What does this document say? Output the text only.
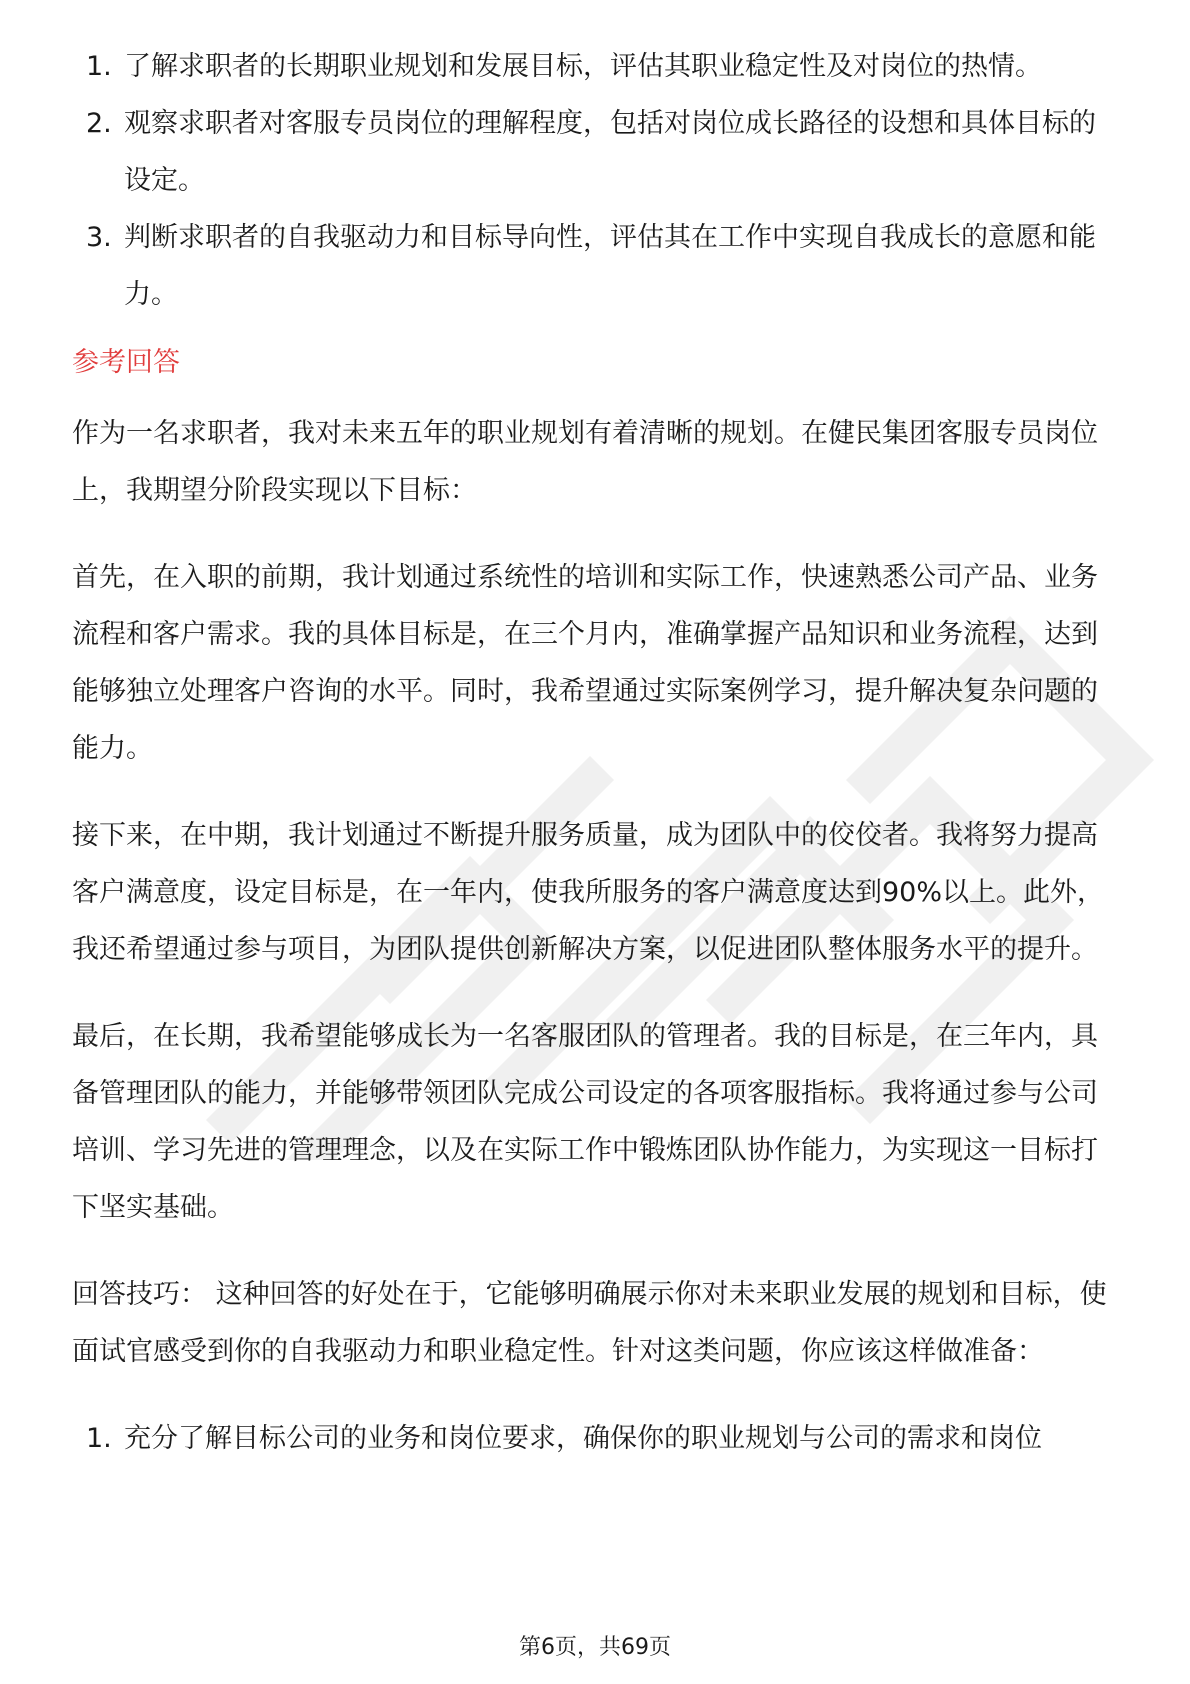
1. 了解求职者的长期职业规划和发展目标，评估其职业稳定性及对岗位的热情。
2. 观察求职者对客服专员岗位的理解程度，包括对岗位成长路径的设想和具体目标的设定。
3. 判断求职者的自我驱动力和目标导向性，评估其在工作中实现自我成长的意愿和能力。
参考回答

作为一名求职者，我对未来五年的职业规划有着清晰的规划。在健民集团客服专员岗位上，我期望分阶段实现以下目标：

首先，在入职的前期，我计划通过系统性的培训和实际工作，快速熟悉公司产品、业务流程和客户需求。我的具体目标是，在三个月内，准确掌握产品知识和业务流程，达到能够独立处理客户咨询的水平。同时，我希望通过实际案例学习，提升解决复杂问题的能力。

接下来，在中期，我计划通过不断提升服务质量，成为团队中的佼佼者。我将努力提高客户满意度，设定目标是，在一年内，使我所服务的客户满意度达到90%以上。此外，我还希望通过参与项目，为团队提供创新解决方案，以促进团队整体服务水平的提升。

最后，在长期，我希望能够成长为一名客服团队的管理者。我的目标是，在三年内，具备管理团队的能力，并能够带领团队完成公司设定的各项客服指标。我将通过参与公司培训、学习先进的管理理念，以及在实际工作中锻炼团队协作能力，为实现这一目标打下坚实基础。

回答技巧： 这种回答的好处在于，它能够明确展示你对未来职业发展的规划和目标，使面试官感受到你的自我驱动力和职业稳定性。针对这类问题，你应该这样做准备：

1. 充分了解目标公司的业务和岗位要求，确保你的职业规划与公司的需求和岗位
第6页，共69页
